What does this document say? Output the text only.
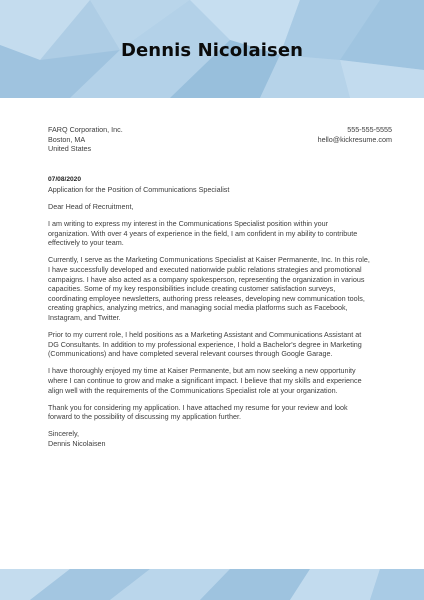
Dennis Nicolaisen
FARQ Corporation, Inc.
Boston, MA
United States
555-555-5555
hello@kickresume.com
07/08/2020
Application for the Position of Communications Specialist

Dear Head of Recruitment,

I am writing to express my interest in the Communications Specialist position within your
organization. With over 4 years of experience in the field, I am confident in my ability to contribute
effectively to your team.

Currently, I serve as the Marketing Communications Specialist at Kaiser Permanente, Inc. In this role,
I have successfully developed and executed nationwide public relations strategies and promotional
campaigns. I have also acted as a company spokesperson, representing the organization in various
capacities. Some of my key responsibilities include creating customer satisfaction surveys,
coordinating employee newsletters, authoring press releases, developing new communication tools,
creating graphics, analyzing metrics, and managing social media platforms such as Facebook,
Instagram, and Twitter.

Prior to my current role, I held positions as a Marketing Assistant and Communications Assistant at
DG Consultants. In addition to my professional experience, I hold a Bachelor's degree in Marketing
(Communications) and have completed several relevant courses through Google Garage.

I have thoroughly enjoyed my time at Kaiser Permanente, but am now seeking a new opportunity
where I can continue to grow and make a significant impact. I believe that my skills and experience
align well with the requirements of the Communications Specialist role at your organization.

Thank you for considering my application. I have attached my resume for your review and look
forward to the possibility of discussing my application further.

Sincerely,
Dennis Nicolaisen
